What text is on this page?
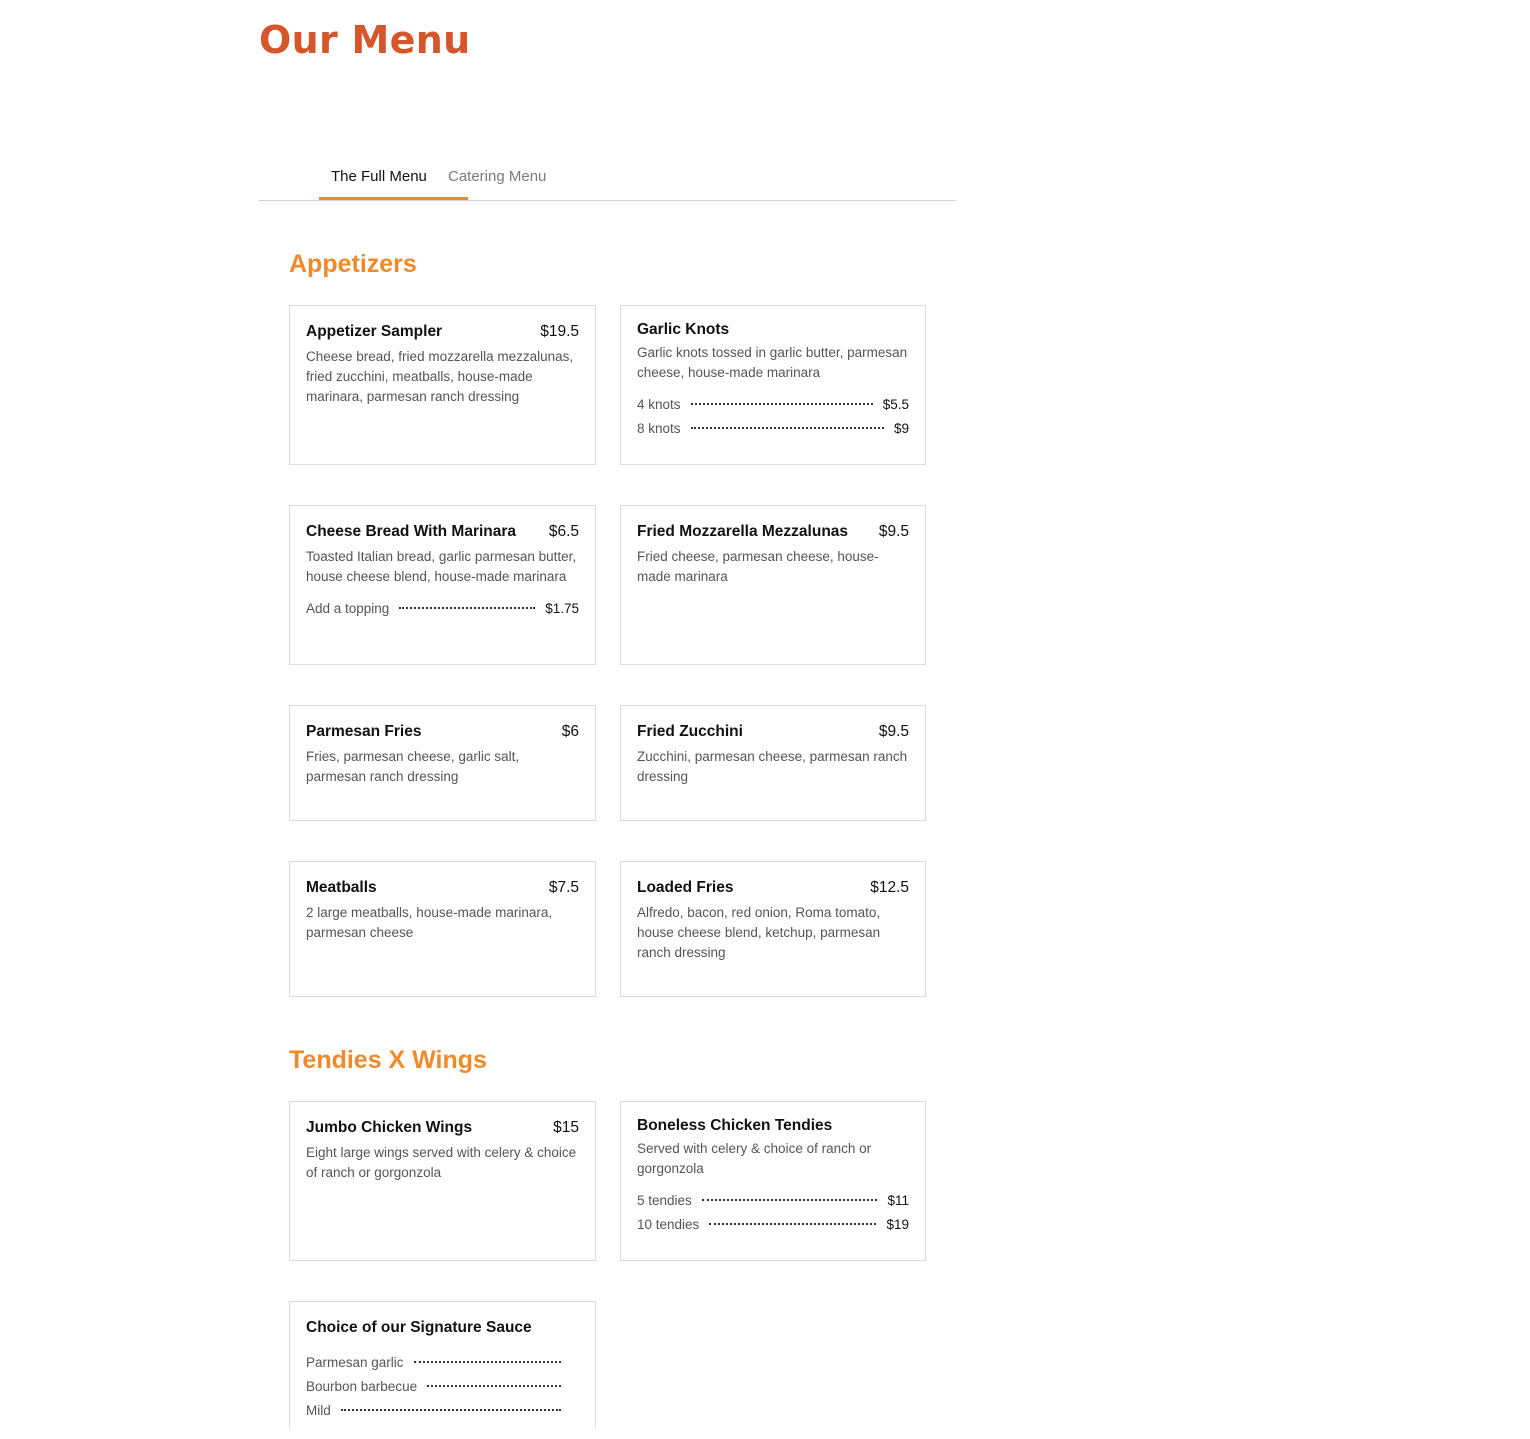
Our Menu
The Full Menu Catering Menu
Appetizers
Appetizer Sampler	$19.5

Cheese bread, fried mozzarella mezzalunas, fried zucchini, meatballs, house-made marinara, parmesan ranch dressing

Garlic Knots

Garlic knots tossed in garlic butter, parmesan cheese, house-made marinara

4 knots	$5.5
8 knots	$9
Cheese Bread With Marinara $6.5

Toasted Italian bread, garlic parmesan butter, house cheese blend, house-made marinara

Add a topping	$1.75
Fried Mozzarella Mezzalunas $9.5

Fried cheese, parmesan cheese, house-made marinara

Parmesan Fries	$6

Fries, parmesan cheese, garlic salt, parmesan ranch dressing

Fried Zucchini	$9.5

Zucchini, parmesan cheese, parmesan ranch dressing

Meatballs	$7.5

2 large meatballs, house-made marinara, parmesan cheese

Loaded Fries	$12.5

Alfredo, bacon, red onion, Roma tomato, house cheese blend, ketchup, parmesan ranch dressing

Tendies X Wings
Jumbo Chicken Wings	$15

Eight large wings served with celery & choice of ranch or gorgonzola

Boneless Chicken Tendies

Served with celery & choice of ranch or gorgonzola

5 tendies	$11
10 tendies	$19
Choice of our Signature Sauce
Parmesan garlic
Bourbon barbecue
Mild
